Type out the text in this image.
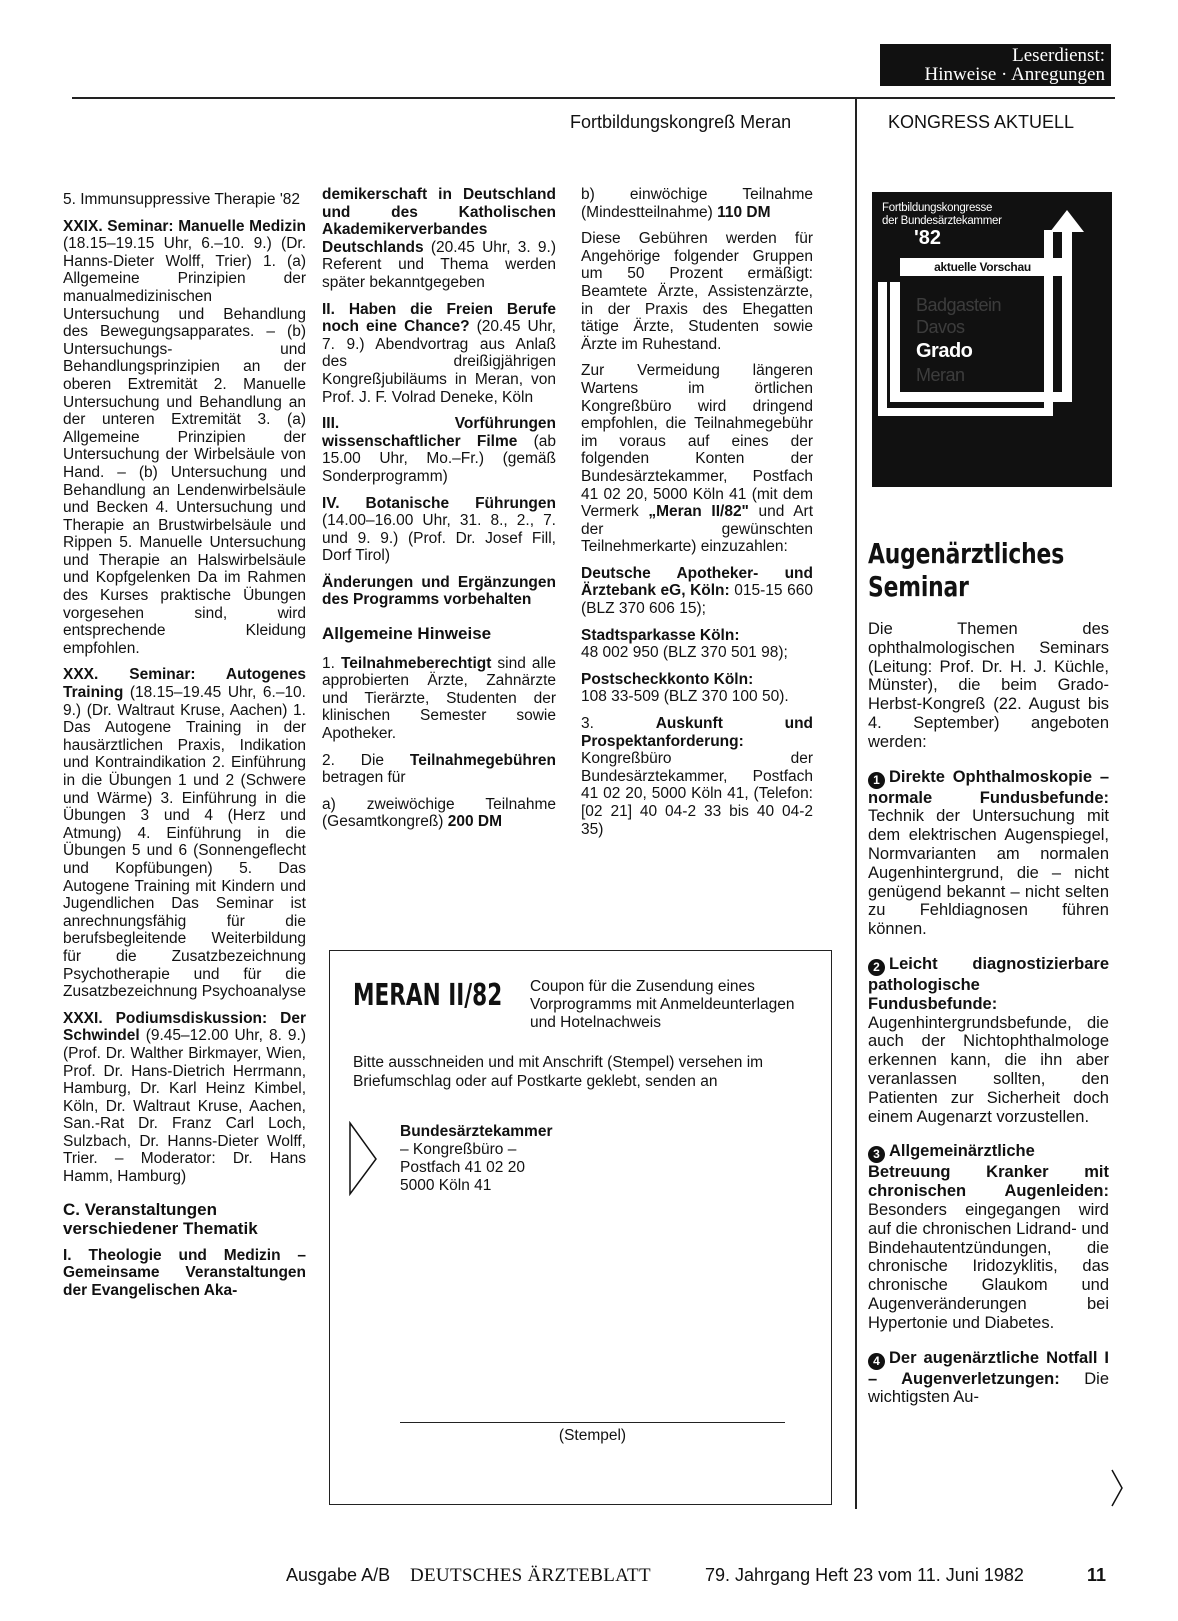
Leserdienst:
Hinweise · Anregungen
Fortbildungskongreß Meran	KONGRESS AKTUELL

5. Immunsuppressive Therapie '82

XXIX. Seminar: Manuelle Medizin (18.15–19.15 Uhr, 6.–10. 9.) (Dr. Hanns-Dieter Wolff, Trier) 1. (a) Allgemeine Prinzipien der manualmedizinischen Untersuchung und Behandlung des Bewegungsapparates. – (b) Untersuchungs- und Behandlungsprinzipien an der oberen Extremität 2. Manuelle Untersuchung und Behandlung an der unteren Extremität 3. (a) Allgemeine Prinzipien der Untersuchung der Wirbelsäule von Hand. – (b) Untersuchung und Behandlung an Lendenwirbelsäule und Becken 4. Untersuchung und Therapie an Brustwirbelsäule und Rippen 5. Manuelle Untersuchung und Therapie an Halswirbelsäule und Kopfgelenken Da im Rahmen des Kurses praktische Übungen vorgesehen sind, wird entsprechende Kleidung empfohlen.

XXX. Seminar: Autogenes Training (18.15–19.45 Uhr, 6.–10. 9.) (Dr. Waltraut Kruse, Aachen) 1. Das Autogene Training in der hausärztlichen Praxis, Indikation und Kontraindikation 2. Einführung in die Übungen 1 und 2 (Schwere und Wärme) 3. Einführung in die Übungen 3 und 4 (Herz und Atmung) 4. Einführung in die Übungen 5 und 6 (Sonnengeflecht und Kopfübungen) 5. Das Autogene Training mit Kindern und Jugendlichen Das Seminar ist anrechnungsfähig für die berufsbegleitende Weiterbildung für die Zusatzbezeichnung Psychotherapie und für die Zusatzbezeichnung Psychoanalyse

XXXI. Podiumsdiskussion: Der Schwindel (9.45–12.00 Uhr, 8. 9.) (Prof. Dr. Walther Birkmayer, Wien, Prof. Dr. Hans-Dietrich Herrmann, Hamburg, Dr. Karl Heinz Kimbel, Köln, Dr. Waltraut Kruse, Aachen, San.-Rat Dr. Franz Carl Loch, Sulzbach, Dr. Hanns-Dieter Wolff, Trier. – Moderator: Dr. Hans Hamm, Hamburg)

C. Veranstaltungen verschiedener Thematik

I. Theologie und Medizin – Gemeinsame Veranstaltungen der Evangelischen Aka-

demikerschaft in Deutschland und des Katholischen Akademikerverbandes Deutschlands (20.45 Uhr, 3. 9.) Referent und Thema werden später bekanntgegeben

II. Haben die Freien Berufe noch eine Chance? (20.45 Uhr, 7. 9.) Abendvortrag aus Anlaß des dreißigjährigen Kongreßjubiläums in Meran, von Prof. J. F. Volrad Deneke, Köln

III. Vorführungen wissenschaftlicher Filme (ab 15.00 Uhr, Mo.–Fr.) (gemäß Sonderprogramm)

IV. Botanische Führungen (14.00–16.00 Uhr, 31. 8., 2., 7. und 9. 9.) (Prof. Dr. Josef Fill, Dorf Tirol)

Änderungen und Ergänzungen des Programms vorbehalten

Allgemeine Hinweise

1. Teilnahmeberechtigt sind alle approbierten Ärzte, Zahnärzte und Tierärzte, Studenten der klinischen Semester sowie Apotheker.

2. Die Teilnahmegebühren betragen für

a) zweiwöchige Teilnahme (Gesamtkongreß) 200 DM

b) einwöchige Teilnahme (Mindestteilnahme) 110 DM

Diese Gebühren werden für Angehörige folgender Gruppen um 50 Prozent ermäßigt: Beamtete Ärzte, Assistenzärzte, in der Praxis des Ehegatten tätige Ärzte, Studenten sowie Ärzte im Ruhestand.

Zur Vermeidung längeren Wartens im örtlichen Kongreßbüro wird dringend empfohlen, die Teilnahmegebühr im voraus auf eines der folgenden Konten der Bundesärztekammer, Postfach 41 02 20, 5000 Köln 41 (mit dem Vermerk „Meran II/82" und Art der gewünschten Teilnehmerkarte) einzuzahlen:

Deutsche Apotheker- und Ärztebank eG, Köln: 015-15 660 (BLZ 370 606 15);

Stadtsparkasse Köln:
48 002 950 (BLZ 370 501 98);

Postscheckkonto Köln:
108 33-509 (BLZ 370 100 50).

3. Auskunft und Prospektanforderung: Kongreßbüro der Bundesärztekammer, Postfach 41 02 20, 5000 Köln 41, (Telefon: [02 21] 40 04-2 33 bis 40 04-2 35)

Fortbildungskongresse
der Bundesärztekammer
'82
aktuelle Vorschau
Badgastein
Davos
Grado
Meran
Augenärztliches Seminar

Die Themen des ophthalmologischen Seminars (Leitung: Prof. Dr. H. J. Küchle, Münster), die beim Grado-Herbst-Kongreß (22. August bis 4. September) angeboten werden:

1 Direkte Ophthalmoskopie – normale Fundusbefunde: Technik der Untersuchung mit dem elektrischen Augenspiegel, Normvarianten am normalen Augenhintergrund, die – nicht genügend bekannt – nicht selten zu Fehldiagnosen führen können.

2 Leicht diagnostizierbare pathologische Fundusbefunde: Augenhintergrundsbefunde, die auch der Nichtophthalmologe erkennen kann, die ihn aber veranlassen sollten, den Patienten zur Sicherheit doch einem Augenarzt vorzustellen.

3 Allgemeinärztliche Betreuung Kranker mit chronischen Augenleiden: Besonders eingegangen wird auf die chronischen Lidrand- und Bindehautentzündungen, die chronische Iridozyklitis, das chronische Glaukom und Augenveränderungen bei Hypertonie und Diabetes.

4 Der augenärztliche Notfall I – Augenverletzungen: Die wichtigsten Au-

MERAN II/82 Coupon für die Zusendung eines Vorprogramms mit Anmeldeunterlagen und Hotelnachweis
Bitte ausschneiden und mit Anschrift (Stempel) versehen im Briefumschlag oder auf Postkarte geklebt, senden an
Bundesärztekammer
– Kongreßbüro –
Postfach 41 02 20
5000 Köln 41
(Stempel)
Ausgabe A/B DEUTSCHES ÄRZTEBLATT	79. Jahrgang Heft 23 vom 11. Juni 1982	11
